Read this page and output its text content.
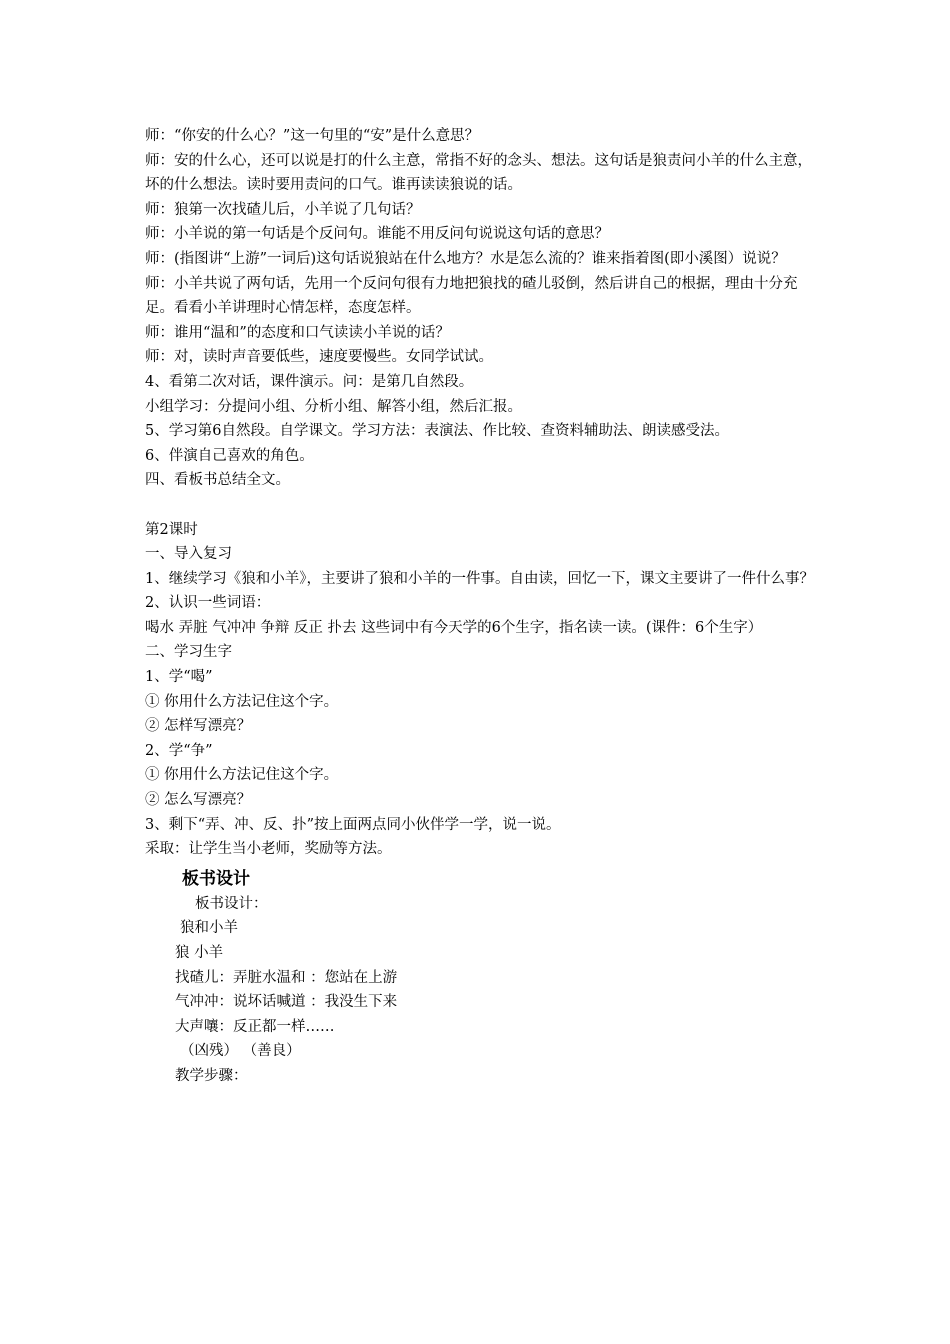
师：“你安的什么心？”这一句里的“安”是什么意思？
师：安的什么心，还可以说是打的什么主意，常指不好的念头、想法。这句话是狼责问小羊的什么主意，坏的什么想法。读时要用责问的口气。谁再读读狼说的话。
师：狼第一次找碴儿后，小羊说了几句话？
师：小羊说的第一句话是个反问句。谁能不用反问句说说这句话的意思？
师：(指图讲“上游”一词后)这句话说狼站在什么地方？水是怎么流的？谁来指着图(即小溪图）说说？
师：小羊共说了两句话，先用一个反问句很有力地把狼找的碴儿驳倒，然后讲自己的根据，理由十分充足。看看小羊讲理时心情怎样，态度怎样。
师：谁用“温和”的态度和口气读读小羊说的话？
师：对，读时声音要低些，速度要慢些。女同学试试。
4、看第二次对话，课件演示。问：是第几自然段。
小组学习：分提问小组、分析小组、解答小组，然后汇报。
5、学习第6自然段。自学课文。学习方法：表演法、作比较、查资料辅助法、朗读感受法。
6、伴演自己喜欢的角色。
四、看板书总结全文。
第2课时
一、导入复习
1、继续学习《狼和小羊》，主要讲了狼和小羊的一件事。自由读，回忆一下，课文主要讲了一件什么事？
2、认识一些词语：
喝水 弄脏 气冲冲 争辩 反正 扑去 这些词中有今天学的6个生字，指名读一读。(课件：6个生字）
二、学习生字
1、学“喝”
① 你用什么方法记住这个字。
② 怎样写漂亮？
2、学“争”
① 你用什么方法记住这个字。
② 怎么写漂亮？
3、剩下“弄、冲、反、扑”按上面两点同小伙伴学一学，说一说。
采取：让学生当小老师，奖励等方法。
板书设计
板书设计：
狼和小羊
狼 小羊
找碴儿：弄脏水温和 ：您站在上游
气冲冲：说坏话喊道 ：我没生下来
大声嚷：反正都一样……
（凶残） （善良）
教学步骤：
